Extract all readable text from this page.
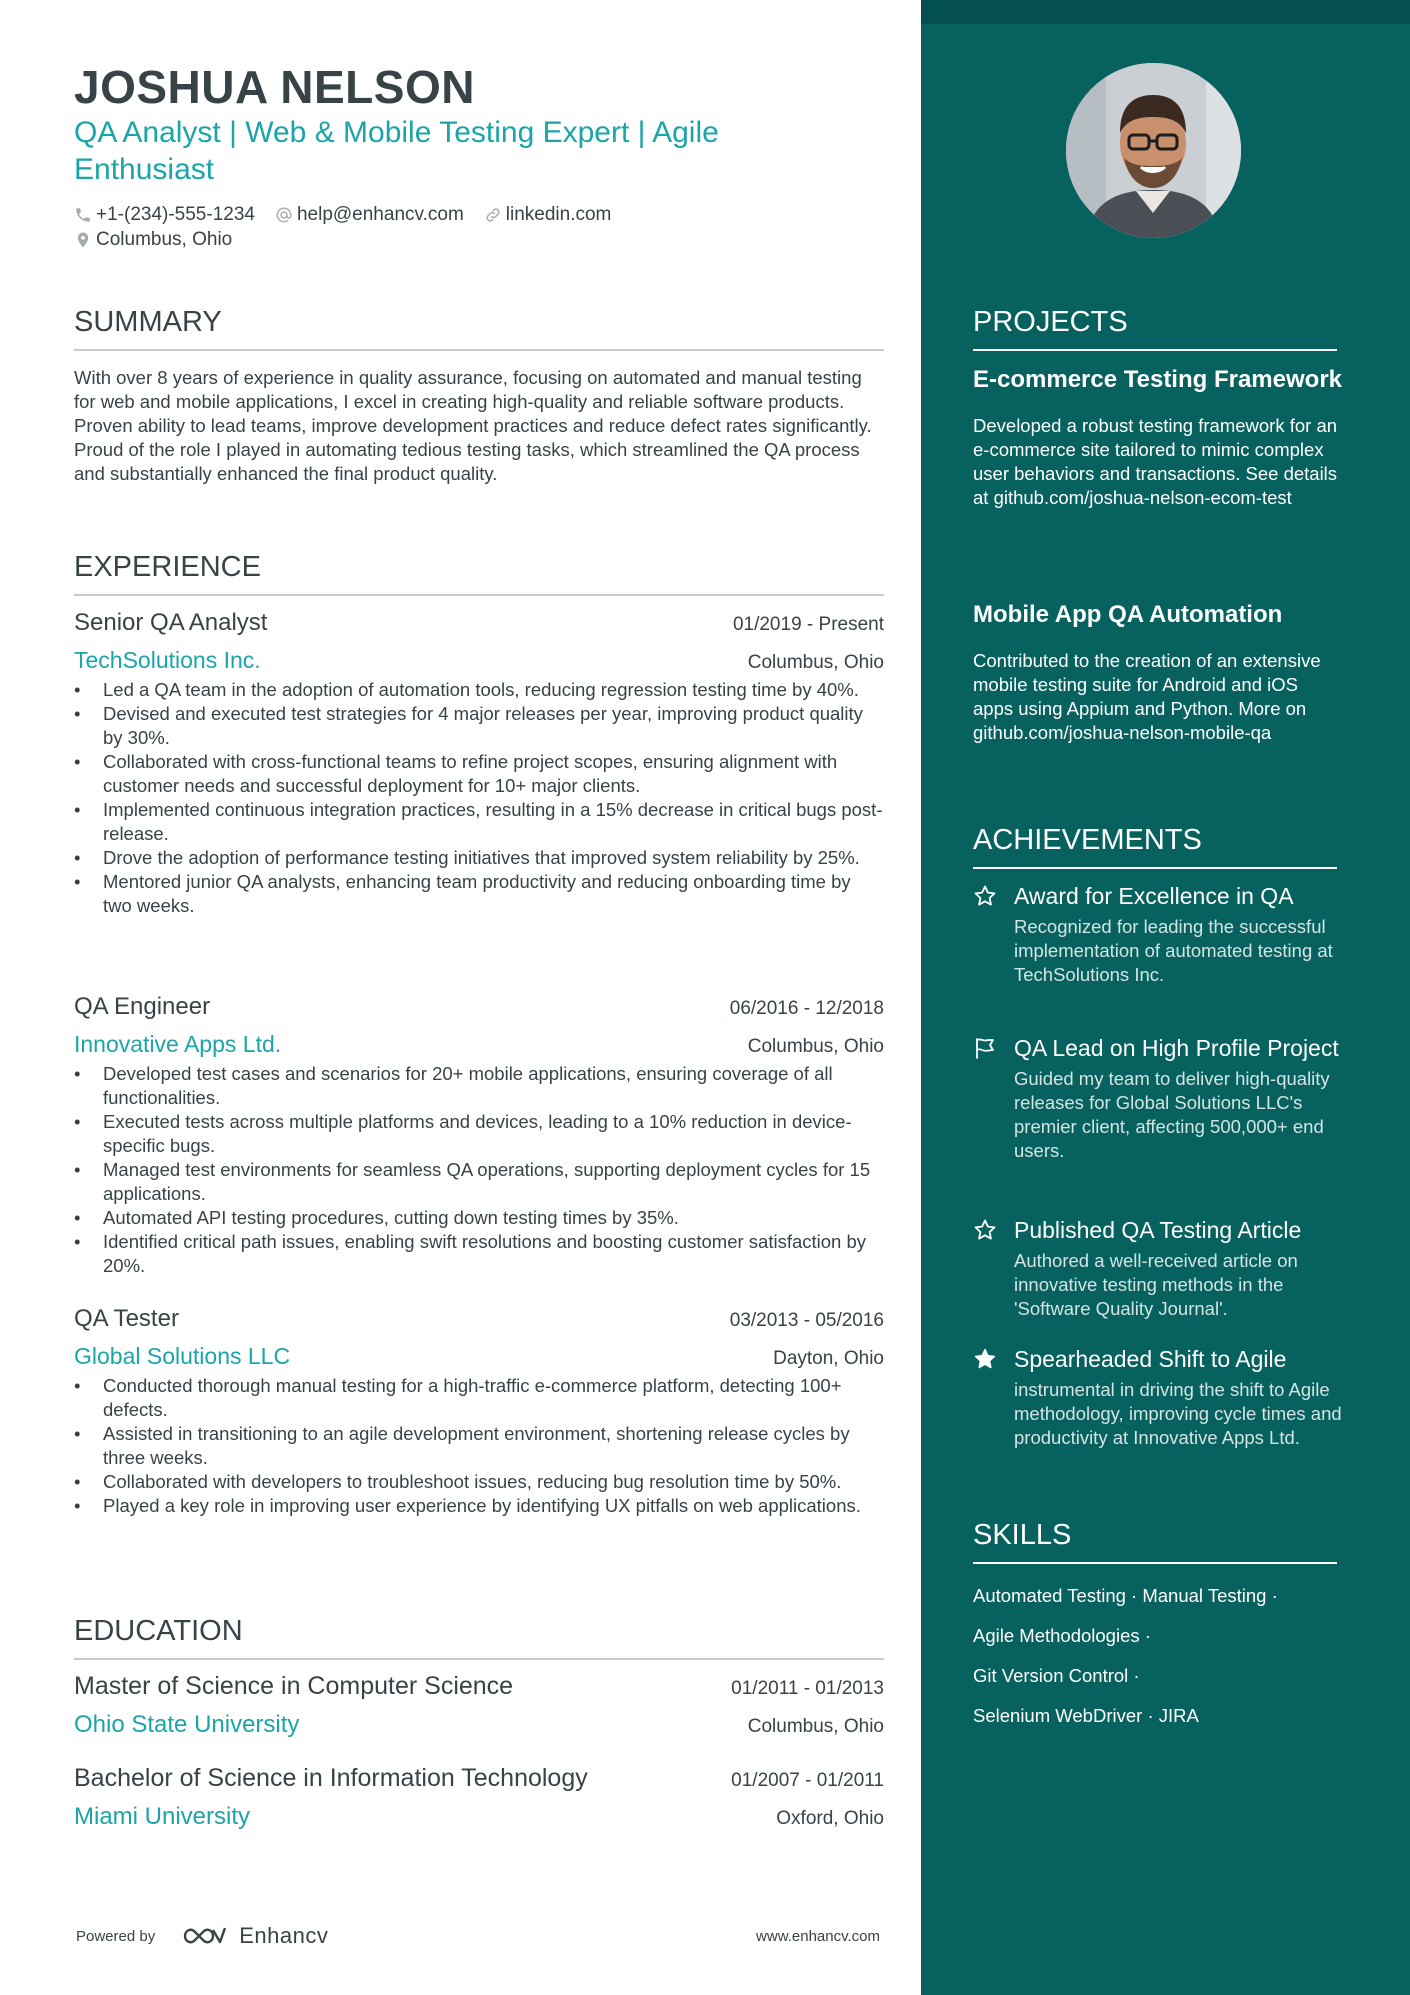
JOSHUA NELSON
QA Analyst | Web & Mobile Testing Expert | Agile Enthusiast
+1-(234)-555-1234 help@enhancv.com linkedin.com
Columbus, Ohio
SUMMARY
With over 8 years of experience in quality assurance, focusing on automated and manual testing for web and mobile applications, I excel in creating high-quality and reliable software products. Proven ability to lead teams, improve development practices and reduce defect rates significantly. Proud of the role I played in automating tedious testing tasks, which streamlined the QA process and substantially enhanced the final product quality.
EXPERIENCE
Senior QA Analyst	01/2019 - Present
TechSolutions Inc.	Columbus, Ohio
• Led a QA team in the adoption of automation tools, reducing regression testing time by 40%.
• Devised and executed test strategies for 4 major releases per year, improving product quality by 30%.
• Collaborated with cross-functional teams to refine project scopes, ensuring alignment with customer needs and successful deployment for 10+ major clients.
• Implemented continuous integration practices, resulting in a 15% decrease in critical bugs post-release.
• Drove the adoption of performance testing initiatives that improved system reliability by 25%.
• Mentored junior QA analysts, enhancing team productivity and reducing onboarding time by two weeks.
QA Engineer	06/2016 - 12/2018
Innovative Apps Ltd.	Columbus, Ohio
• Developed test cases and scenarios for 20+ mobile applications, ensuring coverage of all functionalities.
• Executed tests across multiple platforms and devices, leading to a 10% reduction in device-specific bugs.
• Managed test environments for seamless QA operations, supporting deployment cycles for 15 applications.
• Automated API testing procedures, cutting down testing times by 35%.
• Identified critical path issues, enabling swift resolutions and boosting customer satisfaction by 20%.
QA Tester	03/2013 - 05/2016
Global Solutions LLC	Dayton, Ohio
• Conducted thorough manual testing for a high-traffic e-commerce platform, detecting 100+ defects.
• Assisted in transitioning to an agile development environment, shortening release cycles by three weeks.
• Collaborated with developers to troubleshoot issues, reducing bug resolution time by 50%.
• Played a key role in improving user experience by identifying UX pitfalls on web applications.
EDUCATION
Master of Science in Computer Science	01/2011 - 01/2013
Ohio State University	Columbus, Ohio
Bachelor of Science in Information Technology	01/2007 - 01/2011
Miami University	Oxford, Ohio
Powered by	Enhancv	www.enhancv.com
PROJECTS
E-commerce Testing Framework
Developed a robust testing framework for an e-commerce site tailored to mimic complex user behaviors and transactions. See details at github.com/joshua-nelson-ecom-test
Mobile App QA Automation
Contributed to the creation of an extensive mobile testing suite for Android and iOS apps using Appium and Python. More on github.com/joshua-nelson-mobile-qa
ACHIEVEMENTS
Award for Excellence in QA
Recognized for leading the successful implementation of automated testing at TechSolutions Inc.
QA Lead on High Profile Project
Guided my team to deliver high-quality releases for Global Solutions LLC's premier client, affecting 500,000+ end users.
Published QA Testing Article
Authored a well-received article on innovative testing methods in the 'Software Quality Journal'.
Spearheaded Shift to Agile
instrumental in driving the shift to Agile methodology, improving cycle times and productivity at Innovative Apps Ltd.
SKILLS
Automated Testing · Manual Testing ·
Agile Methodologies ·
Git Version Control ·
Selenium WebDriver · JIRA
